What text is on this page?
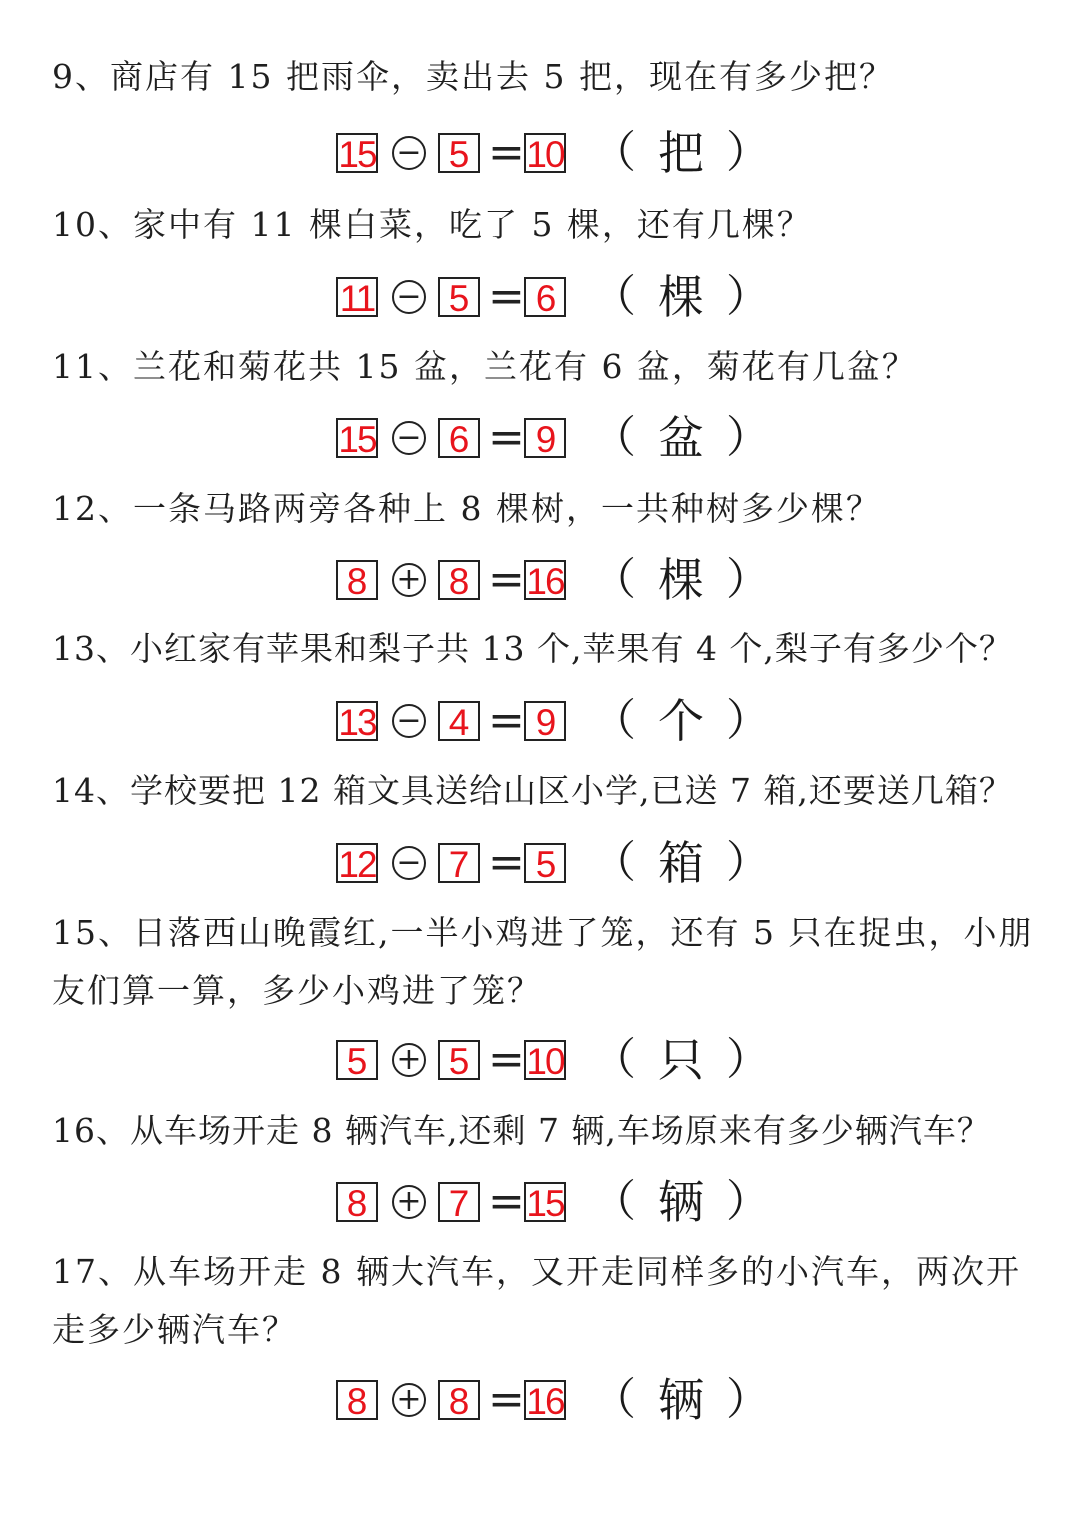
9、商店有 15 把雨伞，卖出去 5 把，现在有多少把？
15 − 5 = 10 （ 把 ）
10、家中有 11 棵白菜，吃了 5 棵，还有几棵？
11 − 5 = 6 （ 棵 ）
11、兰花和菊花共 15 盆，兰花有 6 盆，菊花有几盆？
15 − 6 = 9 （ 盆 ）
12、一条马路两旁各种上 8 棵树，一共种树多少棵？
8 + 8 = 16 （ 棵 ）
13、小红家有苹果和梨子共 13 个,苹果有 4 个,梨子有多少个？
13 − 4 = 9 （ 个 ）
14、学校要把 12 箱文具送给山区小学,已送 7 箱,还要送几箱？
12 − 7 = 5 （ 箱 ）
15、日落西山晚霞红,一半小鸡进了笼，还有 5 只在捉虫，小朋友们算一算，多少小鸡进了笼？
5 + 5 = 10 （ 只 ）
16、从车场开走 8 辆汽车,还剩 7 辆,车场原来有多少辆汽车？
8 + 7 = 15 （ 辆 ）
17、从车场开走 8 辆大汽车，又开走同样多的小汽车，两次开走多少辆汽车？
8 + 8 = 16 （ 辆 ）
